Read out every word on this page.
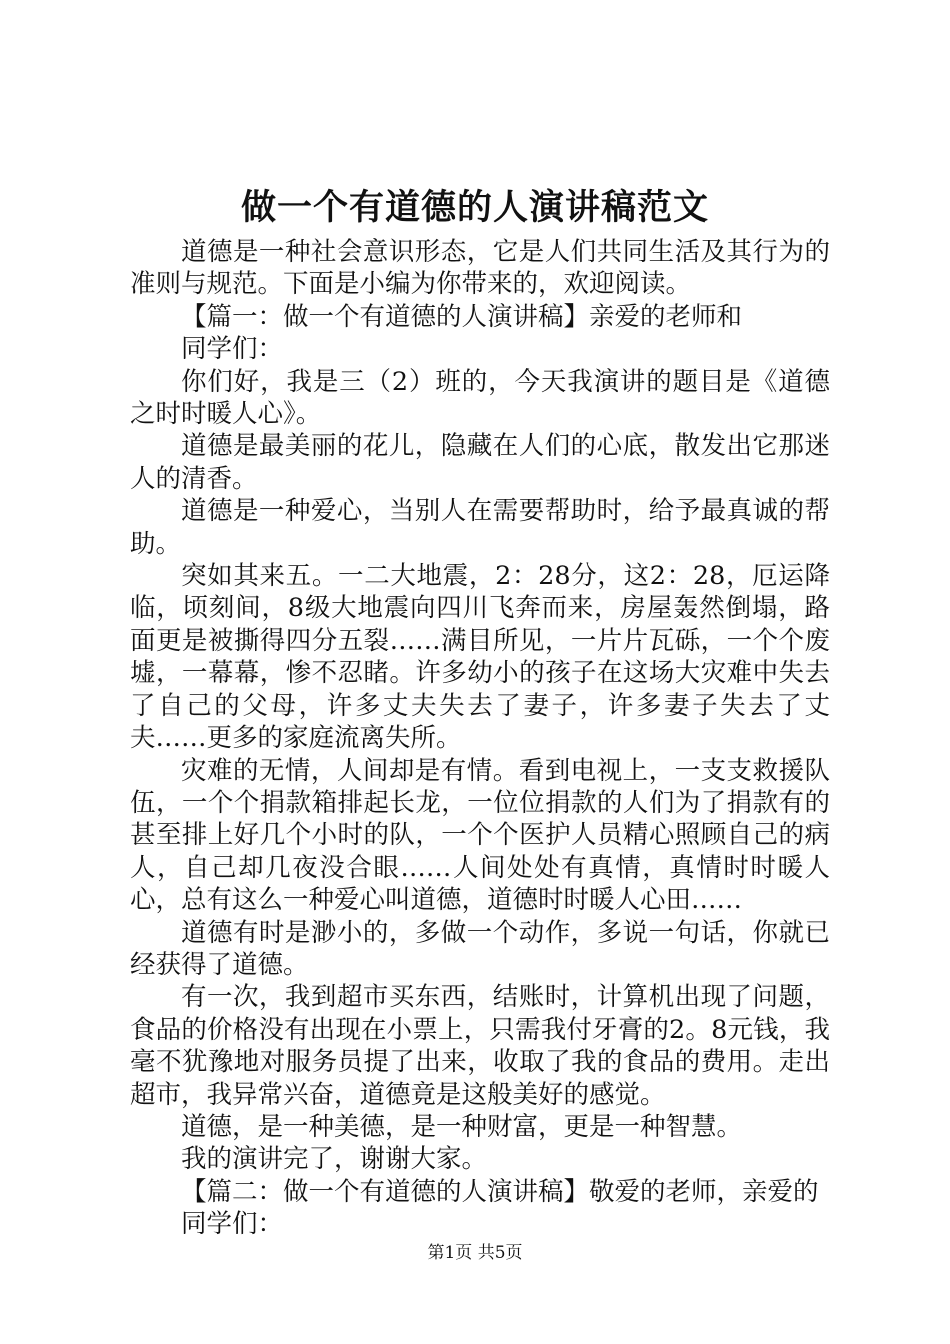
做一个有道德的人演讲稿范文

道德是一种社会意识形态，它是人们共同生活及其行为的准则与规范。下面是小编为你带来的，欢迎阅读。

【篇一：做一个有道德的人演讲稿】亲爱的老师和

同学们：

你们好，我是三（2）班的，今天我演讲的题目是《道德之时时暖人心》。

道德是最美丽的花儿，隐藏在人们的心底，散发出它那迷人的清香。

道德是一种爱心，当别人在需要帮助时，给予最真诚的帮助。

突如其来五。一二大地震，2：28分，这2：28，厄运降临，顷刻间，8级大地震向四川飞奔而来，房屋轰然倒塌，路面更是被撕得四分五裂……满目所见，一片片瓦砾，一个个废墟，一幕幕，惨不忍睹。许多幼小的孩子在这场大灾难中失去了自己的父母，许多丈夫失去了妻子，许多妻子失去了丈夫……更多的家庭流离失所。

灾难的无情，人间却是有情。看到电视上，一支支救援队伍，一个个捐款箱排起长龙，一位位捐款的人们为了捐款有的甚至排上好几个小时的队，一个个医护人员精心照顾自己的病人，自己却几夜没合眼……人间处处有真情，真情时时暖人心，总有这么一种爱心叫道德，道德时时暖人心田……

道德有时是渺小的，多做一个动作，多说一句话，你就已经获得了道德。

有一次，我到超市买东西，结账时，计算机出现了问题，食品的价格没有出现在小票上，只需我付牙膏的2。8元钱，我毫不犹豫地对服务员提了出来，收取了我的食品的费用。走出超市，我异常兴奋，道德竟是这般美好的感觉。

道德，是一种美德，是一种财富，更是一种智慧。

我的演讲完了，谢谢大家。

【篇二：做一个有道德的人演讲稿】敬爱的老师，亲爱的

同学们：

第1页 共5页
